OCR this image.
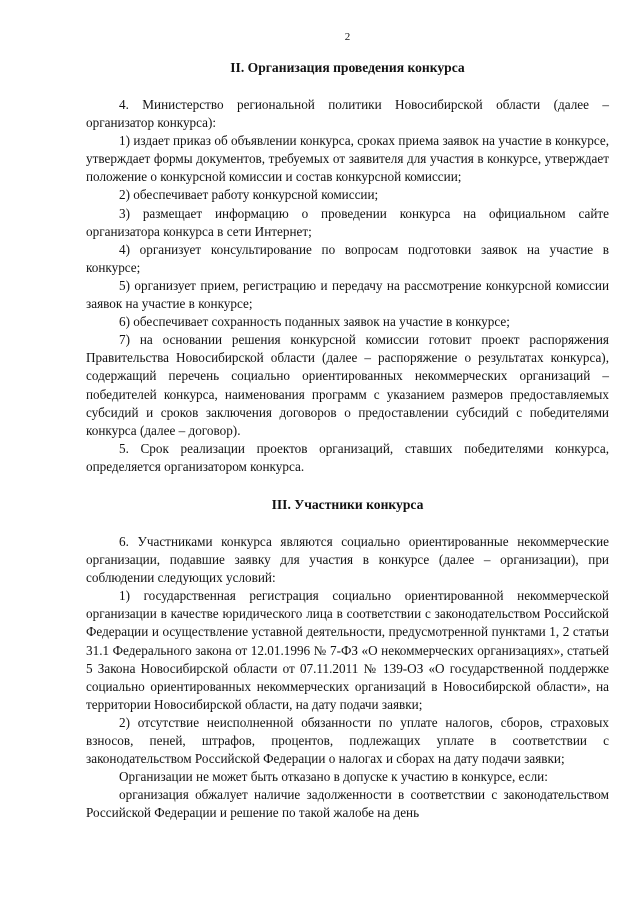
2
II. Организация проведения конкурса

4. Министерство региональной политики Новосибирской области (далее – организатор конкурса):

1) издает приказ об объявлении конкурса, сроках приема заявок на участие в конкурсе, утверждает формы документов, требуемых от заявителя для участия в конкурсе, утверждает положение о конкурсной комиссии и состав конкурсной комиссии;

2) обеспечивает работу конкурсной комиссии;

3) размещает информацию о проведении конкурса на официальном сайте организатора конкурса в сети Интернет;

4) организует консультирование по вопросам подготовки заявок на участие в конкурсе;

5) организует прием, регистрацию и передачу на рассмотрение конкурсной комиссии заявок на участие в конкурсе;

6) обеспечивает сохранность поданных заявок на участие в конкурсе;

7) на основании решения конкурсной комиссии готовит проект распоряжения Правительства Новосибирской области (далее – распоряжение о результатах конкурса), содержащий перечень социально ориентированных некоммерческих организаций – победителей конкурса, наименования программ с указанием размеров предоставляемых субсидий и сроков заключения договоров о предоставлении субсидий с победителями конкурса (далее – договор).

5. Срок реализации проектов организаций, ставших победителями конкурса, определяется организатором конкурса.

III. Участники конкурса

6. Участниками конкурса являются социально ориентированные некоммерческие организации, подавшие заявку для участия в конкурсе (далее – организации), при соблюдении следующих условий:

1) государственная регистрация социально ориентированной некоммерческой организации в качестве юридического лица в соответствии с законодательством Российской Федерации и осуществление уставной деятельности, предусмотренной пунктами 1, 2 статьи 31.1 Федерального закона от 12.01.1996 № 7-ФЗ «О некоммерческих организациях», статьей 5 Закона Новосибирской области от 07.11.2011 № 139-ОЗ «О государственной поддержке социально ориентированных некоммерческих организаций в Новосибирской области», на территории Новосибирской области, на дату подачи заявки;

2) отсутствие неисполненной обязанности по уплате налогов, сборов, страховых взносов, пеней, штрафов, процентов, подлежащих уплате в соответствии с законодательством Российской Федерации о налогах и сборах на дату подачи заявки;

Организации не может быть отказано в допуске к участию в конкурсе, если:

организация обжалует наличие задолженности в соответствии с законодательством Российской Федерации и решение по такой жалобе на день
